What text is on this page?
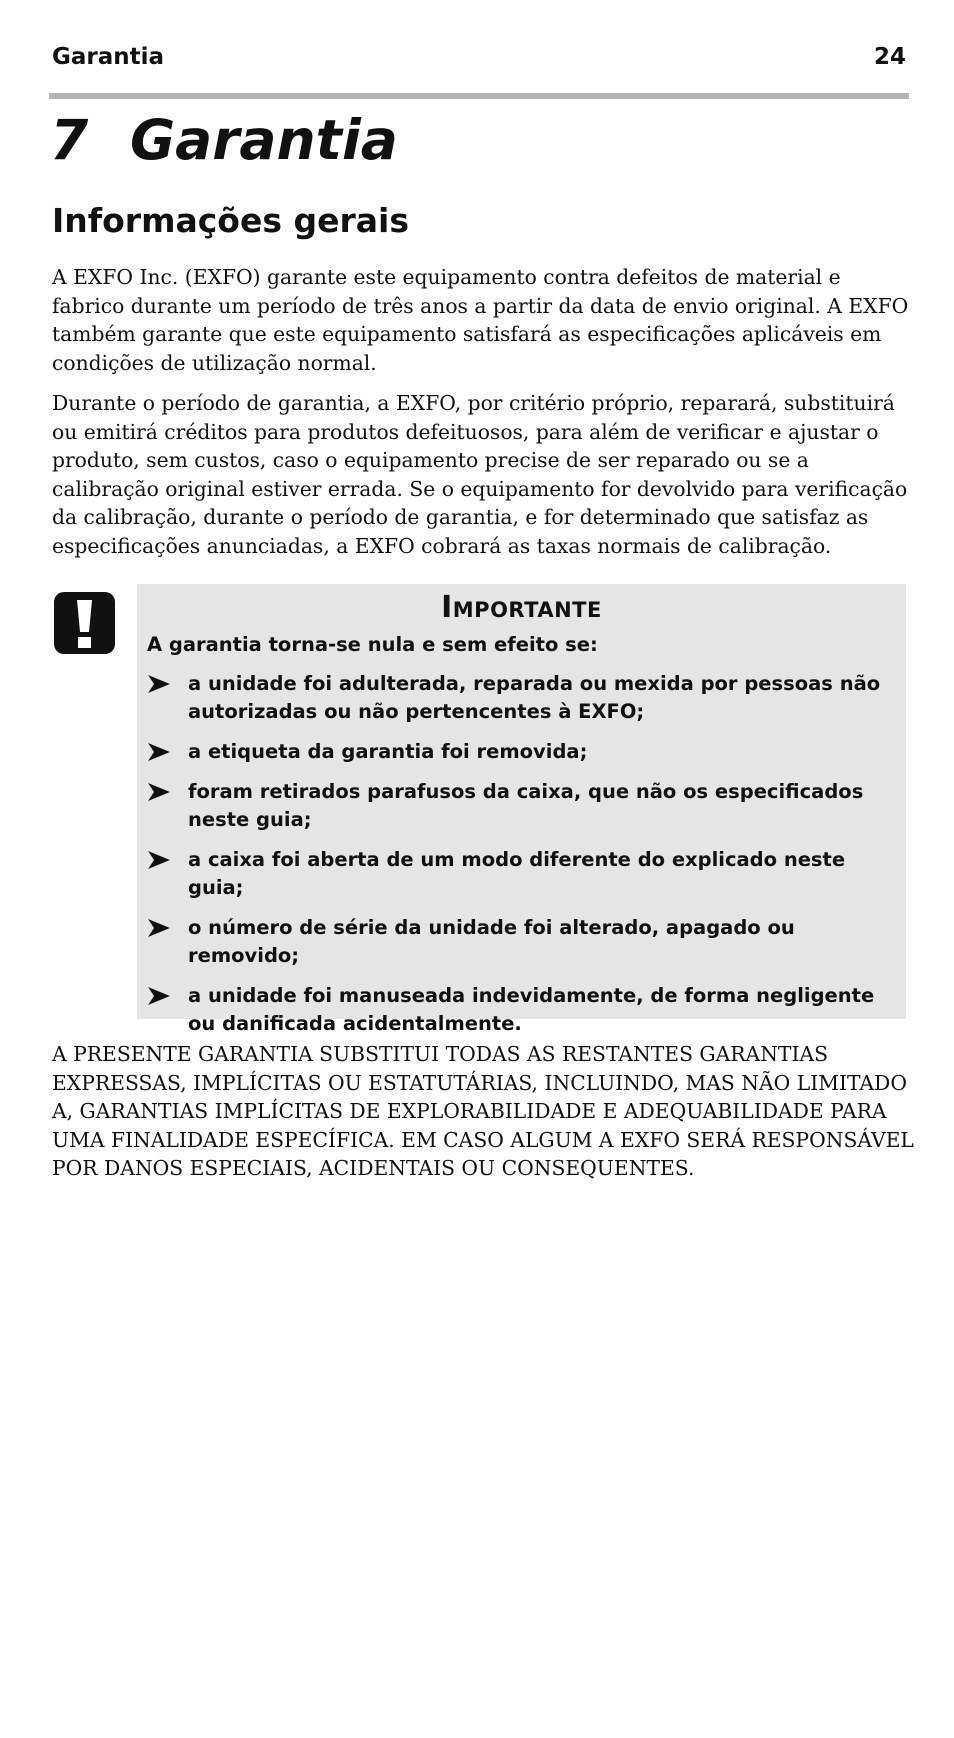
Garantia	24
7 Garantia
Informações gerais

A EXFO Inc. (EXFO) garante este equipamento contra defeitos de material e fabrico durante um período de três anos a partir da data de envio original. A EXFO também garante que este equipamento satisfará as especificações aplicáveis em condições de utilização normal.

Durante o período de garantia, a EXFO, por critério próprio, reparará, substituirá ou emitirá créditos para produtos defeituosos, para além de verificar e ajustar o produto, sem custos, caso o equipamento precise de ser reparado ou se a calibração original estiver errada. Se o equipamento for devolvido para verificação da calibração, durante o período de garantia, e for determinado que satisfaz as especificações anunciadas, a EXFO cobrará as taxas normais de calibração.

Importante
A garantia torna-se nula e sem efeito se:
a unidade foi adulterada, reparada ou mexida por pessoas não autorizadas ou não pertencentes à EXFO;
a etiqueta da garantia foi removida;
foram retirados parafusos da caixa, que não os especificados neste guia;
a caixa foi aberta de um modo diferente do explicado neste guia;
o número de série da unidade foi alterado, apagado ou removido;
a unidade foi manuseada indevidamente, de forma negligente ou danificada acidentalmente.

A PRESENTE GARANTIA SUBSTITUI TODAS AS RESTANTES GARANTIAS EXPRESSAS, IMPLÍCITAS OU ESTATUTÁRIAS, INCLUINDO, MAS NÃO LIMITADO A, GARANTIAS IMPLÍCITAS DE EXPLORABILIDADE E ADEQUABILIDADE PARA UMA FINALIDADE ESPECÍFICA. EM CASO ALGUM A EXFO SERÁ RESPONSÁVEL POR DANOS ESPECIAIS, ACIDENTAIS OU CONSEQUENTES.
